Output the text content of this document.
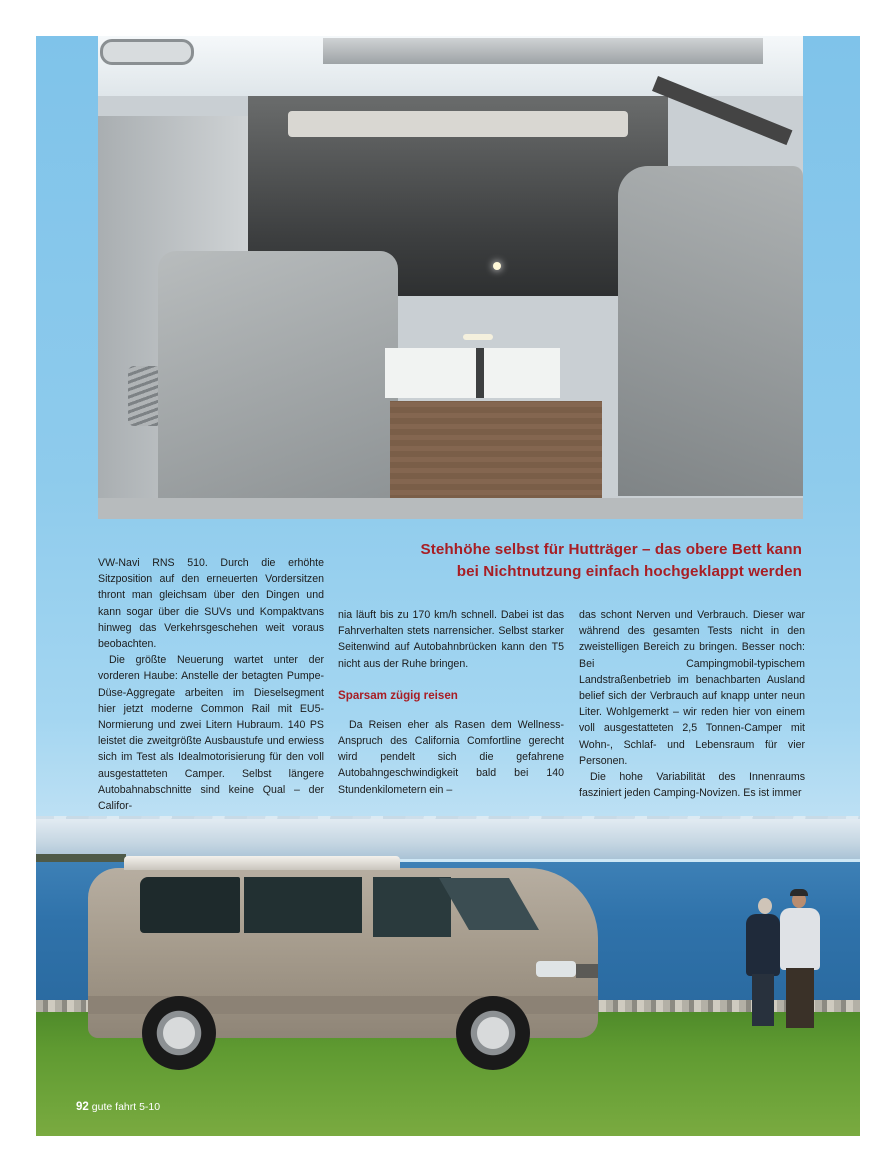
Stehhöhe selbst für Hutträger – das obere Bett kann
bei Nichtnutzung einfach hochgeklappt werden

VW-Navi RNS 510. Durch die erhöhte Sitzposition auf den erneuerten Vordersitzen thront man gleichsam über den Dingen und kann sogar über die SUVs und Kompaktvans hinweg das Verkehrsgeschehen weit voraus beobachten.

Die größte Neuerung wartet unter der vorderen Haube: Anstelle der betagten Pumpe-Düse-Aggregate arbeiten im Dieselsegment hier jetzt moderne Common Rail mit EU5-Normierung und zwei Litern Hubraum. 140 PS leistet die zweitgrößte Ausbaustufe und erwiess sich im Test als Idealmotorisierung für den voll ausgestatteten Camper. Selbst längere Autobahnabschnitte sind keine Qual – der Califor-

nia läuft bis zu 170 km/h schnell. Dabei ist das Fahrverhalten stets narrensicher. Selbst starker Seitenwind auf Autobahnbrücken kann den T5 nicht aus der Ruhe bringen.

Sparsam zügig reisen

Da Reisen eher als Rasen dem Wellness-Anspruch des California Comfortline gerecht wird pendelt sich die gefahrene Autobahngeschwindigkeit bald bei 140 Stundenkilometern ein –

das schont Nerven und Verbrauch. Dieser war während des gesamten Tests nicht in den zweistelligen Bereich zu bringen. Besser noch: Bei Campingmobil-typischem Landstraßenbetrieb im benachbarten Ausland belief sich der Verbrauch auf knapp unter neun Liter. Wohlgemerkt – wir reden hier von einem voll ausgestatteten 2,5 Tonnen-Camper mit Wohn-, Schlaf- und Lebensraum für vier Personen.

Die hohe Variabilität des Innenraums fasziniert jeden Camping-Novizen. Es ist immer

92 gute fahrt 5-10
